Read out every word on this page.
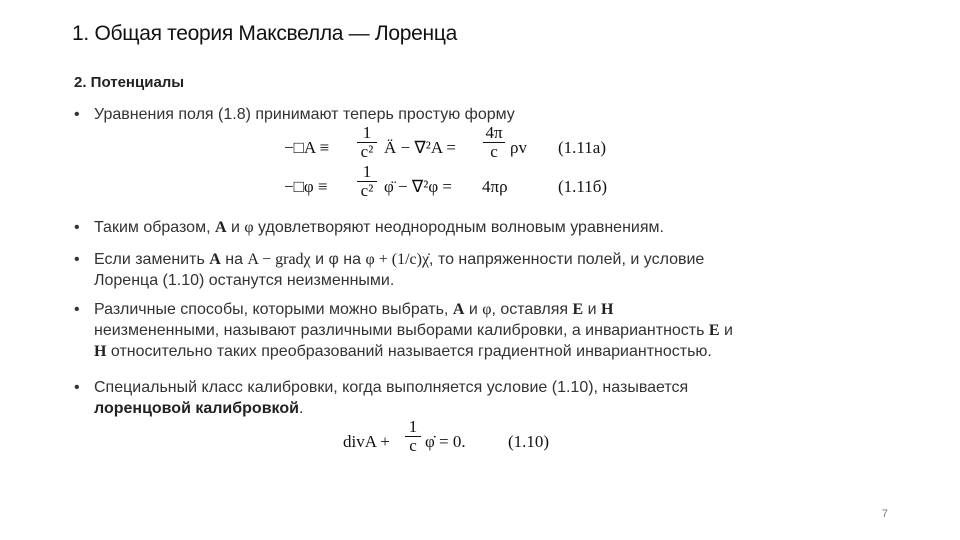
1. Общая теория Максвелла — Лоренца
2. Потенциалы
• Уравнения поля (1.8) принимают теперь простую форму
−□A ≡
1
c² Ä − ∇²A =
4π
c ρv (1.11а)
−□φ ≡
1
c² φ̈ − ∇²φ = 4πρ	(1.11б)
• Таким образом, A и φ удовлетворяют неоднородным волновым уравнениям.
• Если заменить A на A − gradχ и φ на φ + (1/c)χ̇, то напряженности полей, и условие
Лоренца (1.10) останутся неизменными.
• Различные способы, которыми можно выбрать, A и φ, оставляя E и H
неизмененными, называют различными выборами калибровки, а инвариантность E и
H относительно таких преобразований называется градиентной инвариантностью.
• Специальный класс калибровки, когда выполняется условие (1.10), называется
лоренцовой калибровкой.
divA +
1
c φ̇ = 0. (1.10)
7
